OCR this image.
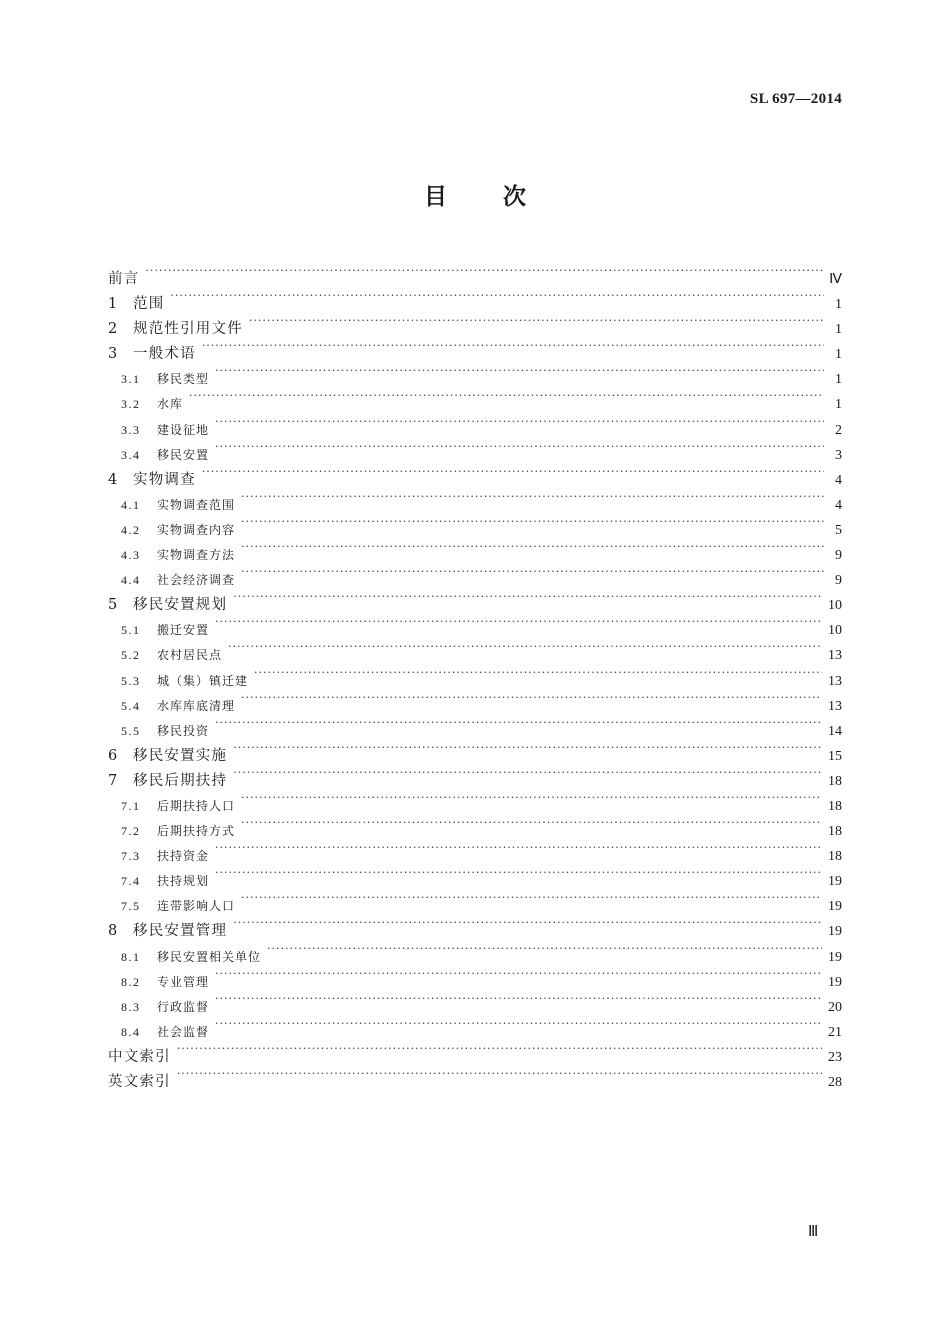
SL 697—2014
目 次
前言 ·····	Ⅳ
1	范围 ·····	1
2	规范性引用文件 ·····	1
3	一般术语 ·····	1
3.1	移民类型 ·····	1
3.2	水库 ·····	1
3.3	建设征地 ·····	2
3.4	移民安置 ·····	3
4	实物调查 ·····	4
4.1	实物调查范围 ·····	4
4.2	实物调查内容 ·····	5
4.3	实物调查方法 ·····	9
4.4	社会经济调查 ·····	9
5	移民安置规划 ·····	10
5.1	搬迁安置 ·····	10
5.2	农村居民点 ·····	13
5.3	城（集）镇迁建 ·····	13
5.4	水库库底清理 ·····	13
5.5	移民投资 ·····	14
6	移民安置实施 ·····	15
7	移民后期扶持 ·····	18
7.1	后期扶持人口 ·····	18
7.2	后期扶持方式 ·····	18
7.3	扶持资金 ·····	18
7.4	扶持规划 ·····	19
7.5	连带影响人口 ·····	19
8	移民安置管理 ·····	19
8.1	移民安置相关单位 ·····	19
8.2	专业管理 ·····	19
8.3	行政监督 ·····	20
8.4	社会监督 ·····	21
中文索引 ·····	23
英文索引 ·····	28
Ⅲ
